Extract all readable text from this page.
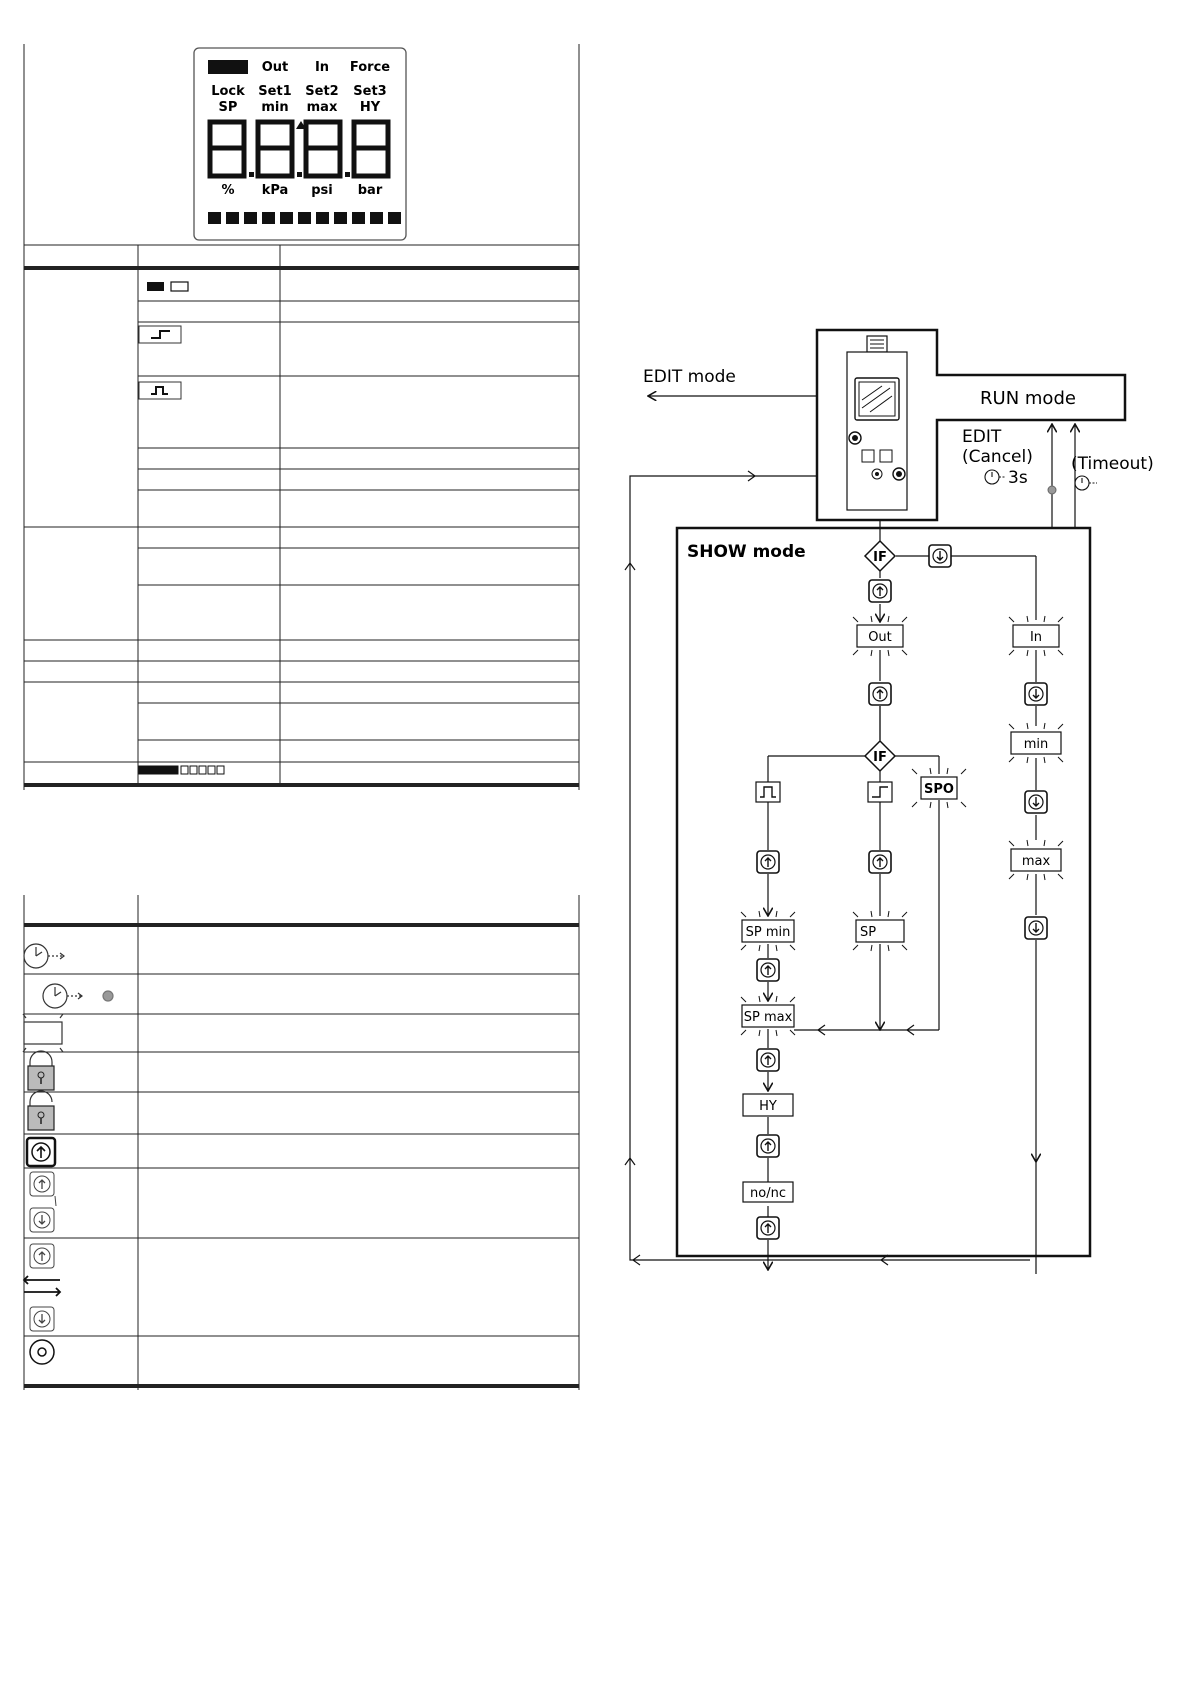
Out In Force
Lock Set1 Set2 Set3
SP min max HY
% kPa psi bar
RUN mode
EDIT mode
EDIT
(Cancel)
3s
(Timeout)
SHOW mode	IF
IF
Out	In
min
max
SPO
SP min	SP
SP max
HY
no/nc
